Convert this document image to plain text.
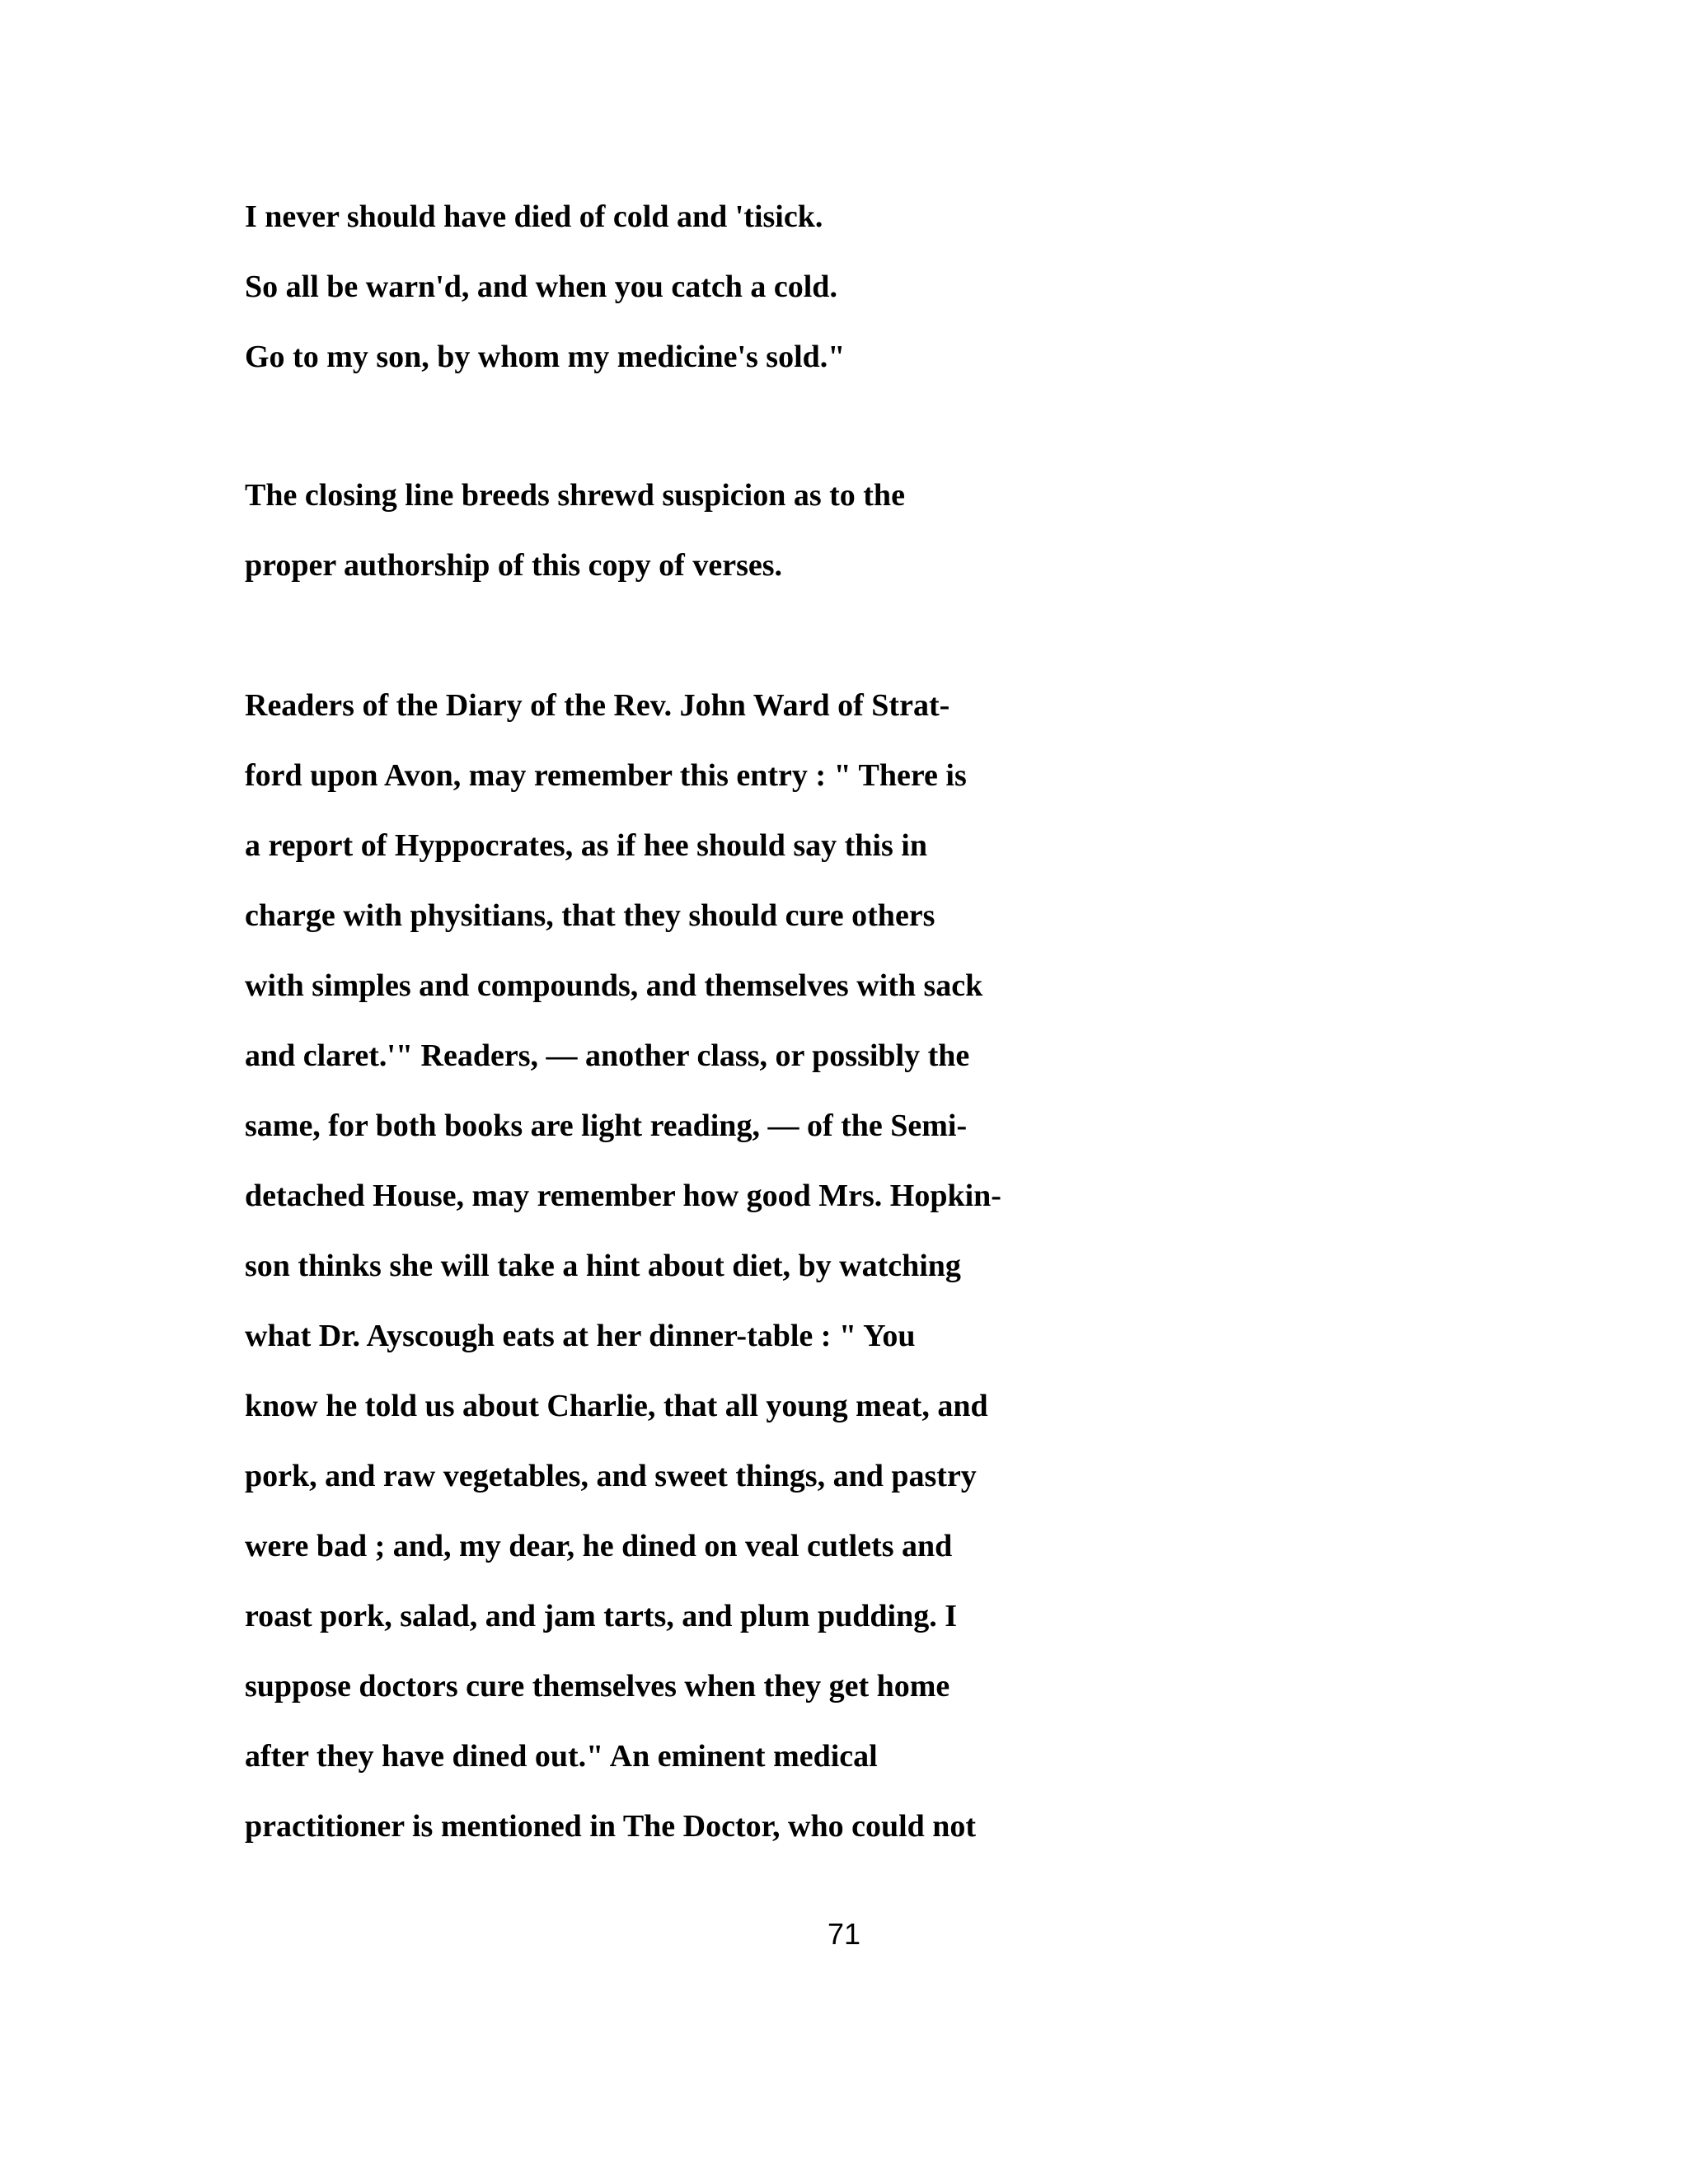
I never should have died of cold and 'tisick.
So all be warn'd, and when you catch a cold.
Go to my son, by whom my medicine's sold."
The closing line breeds shrewd suspicion as to the
proper authorship of this copy of verses.
Readers of the Diary of the Rev. John Ward of Strat-
ford upon Avon, may remember this entry : " There is
a report of Hyppocrates, as if hee should say this in
charge with physitians, that they should cure others
with simples and compounds, and themselves with sack
and claret.'" Readers, — another class, or possibly the
same, for both books are light reading, — of the Semi-
detached House, may remember how good Mrs. Hopkin-
son thinks she will take a hint about diet, by watching
what Dr. Ayscough eats at her dinner-table : " You
know he told us about Charlie, that all young meat, and
pork, and raw vegetables, and sweet things, and pastry
were bad ; and, my dear, he dined on veal cutlets and
roast pork, salad, and jam tarts, and plum pudding. I
suppose doctors cure themselves when they get home
after they have dined out." An eminent medical
practitioner is mentioned in The Doctor, who could not
71
